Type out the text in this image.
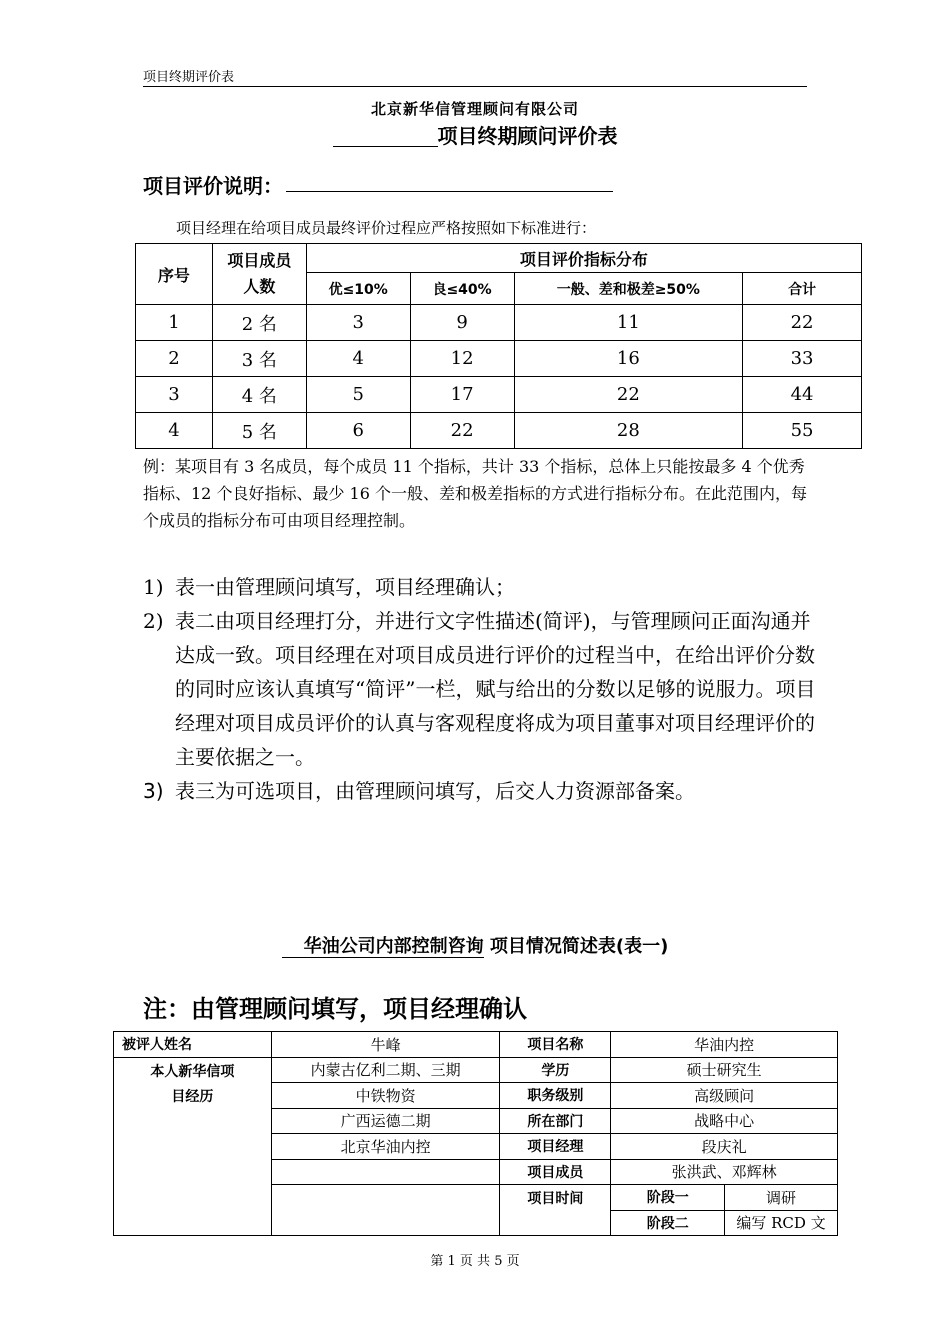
项目终期评价表
北京新华信管理顾问有限公司
项目终期顾问评价表
项目评价说明：
项目经理在给项目成员最终评价过程应严格按照如下标准进行：
序号	项目成员人数	项目评价指标分布			
		优≤10%	良≤40%	一般、差和极差≥50%	合计
1	2 名	3	9	11	22
2	3 名	4	12	16	33
3	4 名	5	17	22	44
4	5 名	6	22	28	55
例：某项目有 3 名成员，每个成员 11 个指标，共计 33 个指标，总体上只能按最多 4 个优秀指标、12 个良好指标、最少 16 个一般、差和极差指标的方式进行指标分布。在此范围内，每个成员的指标分布可由项目经理控制。
1) 表一由管理顾问填写，项目经理确认；
2) 表二由项目经理打分，并进行文字性描述(简评)，与管理顾问正面沟通并达成一致。项目经理在对项目成员进行评价的过程当中，在给出评价分数的同时应该认真填写“简评”一栏，赋与给出的分数以足够的说服力。项目经理对项目成员评价的认真与客观程度将成为项目董事对项目经理评价的主要依据之一。
3) 表三为可选项目，由管理顾问填写，后交人力资源部备案。
华油公司内部控制咨询 项目情况简述表(表一)
注：由管理顾问填写，项目经理确认
被评人姓名	牛峰	项目名称	华油内控	
本人新华信项目经历	内蒙古亿利二期、三期	学历	硕士研究生	
	中铁物资	职务级别	高级顾问	
	广西运德二期	所在部门	战略中心	
	北京华油内控	项目经理	段庆礼	
		项目成员	张洪武、邓辉林	
		项目时间	阶段一	调研
			阶段二	编写 RCD 文
第 1 页 共 5 页
